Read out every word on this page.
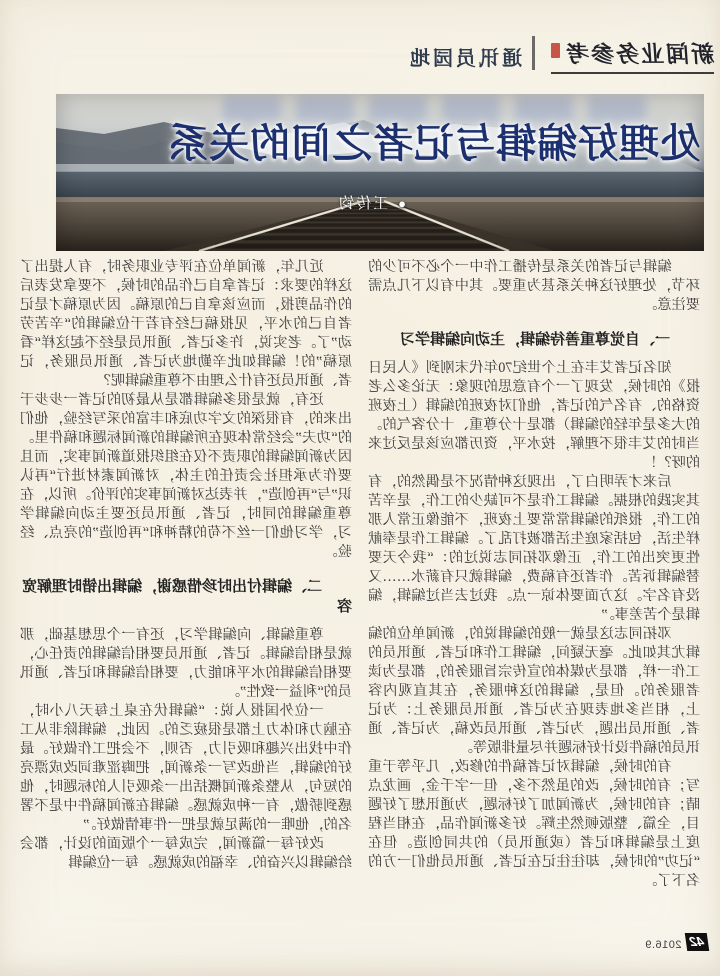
新闻业务参考
通讯员园地
处理好编辑与记者之间的关系
●王传钧

编辑与记者的关系是传播工作中一个必不可少的环节，处理好这种关系甚为重要。其中有以下几点需要注意。

一、自觉尊重善待编辑，主动向编辑学习

知名记者艾丰在上个世纪70年代末刚到《人民日报》的时候，发现了一个有意思的现象：无论多么老资格的、有名气的记者，他们对夜班的编辑（上夜班的大多是年轻的编辑）都是十分尊重、十分客气的。当时的艾丰很不理解，按水平，资历都应该是反过来的呀？！

后来才弄明白了，出现这种情况不是偶然的，有其实践的根据。编辑工作是不可缺少的工作，是辛苦的工作，报纸的编辑常常要上夜班，不能像正常人那样生活，包括家庭生活都被打乱了。编辑工作是奉献性更突出的工作，正像邓拓同志说过的：“我今天要替编辑诉苦。作者还有稿费，编辑就只有薪水……又没有名字。这方面要体谅一点。我过去当过编辑，编辑是个苦差事。”

邓拓同志这是就一般的编辑说的，新闻单位的编辑尤其如此。毫无疑问，编辑工作和记者、通讯员的工作一样，都是为媒体的宣传宗旨服务的，都是为读者服务的。但是，编辑的这种服务，在其直观内容上，相当多地表现在为记者、通讯员服务上：为记者、通讯员出题，为记者、通讯员改稿，为记者、通讯员的稿件设计好标题并尽量排版等。

有的时候，编辑对记者稿件的修改，几乎等于重写；有的时候，改的虽然不多，但一字千金，画龙点睛；有的时候，为新闻加了好标题，为通讯想了好题目，全篇、整版顿然生辉。好多新闻作品，在相当程度上是编辑和记者（或通讯员）的共同创造。但在“记功”的时候，却往往记在记者、通讯员他们一方的名下了。

近几年，新闻单位在评专业职务时，有人提出了这样的要求：记者拿自己作品的时候，不要拿发表后的作品剪报，而应该拿自己的原稿。因为原稿才是记者自己的水平，见报稿已经有若干位编辑的“辛苦劳动”了。老实说，许多记者、通讯员是经不起这样“看原稿”的！编辑如此辛勤地为记者、通讯员服务，记者、通讯员还有什么理由不尊重编辑呢？

还有，就是很多编辑都是从最初的记者一步步干出来的，有很深的文字功底和丰富的采写经验，他们的“功夫”会经常体现在所编辑的新闻标题和稿件里。因为新闻编辑的职责不仅在组织报道新闻事实，而且要作为承担社会责任的主体，对新闻素材进行“再认识”与“再创造”，并表达对新闻事实的评价。所以，在尊重编辑的同时，记者、通讯员还要主动向编辑学习，学习他们一丝不苟的精神和“再创造”的亮点、经验。

二、编辑付出时珍惜感谢，编辑出错时理解宽容

尊重编辑、向编辑学习，还有一个思想基础，那就是相信编辑。记者、通讯员要相信编辑的责任心，要相信编辑的水平和能力，要相信编辑和记者、通讯员的“利益一致性”。

一位外国报人说：“编辑伏在桌上每天八小时，在脑力和体力上都是很疲乏的。因此，编辑除非从工作中找出兴趣和吸引力，否则，不会把工作做好。最好的编辑，当他改写一条新闻，把晦涩难词改成漂亮的短句，从整条新闻概括出一条吸引人的标题时，他感到骄傲，有一种成就感。编辑在新闻稿件中是不署名的，他唯一的满足就是把一件事情做好。”

改好每一篇新闻，完成每一个版面的设计，都会给编辑以兴奋的、幸福的成就感。每一位编辑

42
2016.9
